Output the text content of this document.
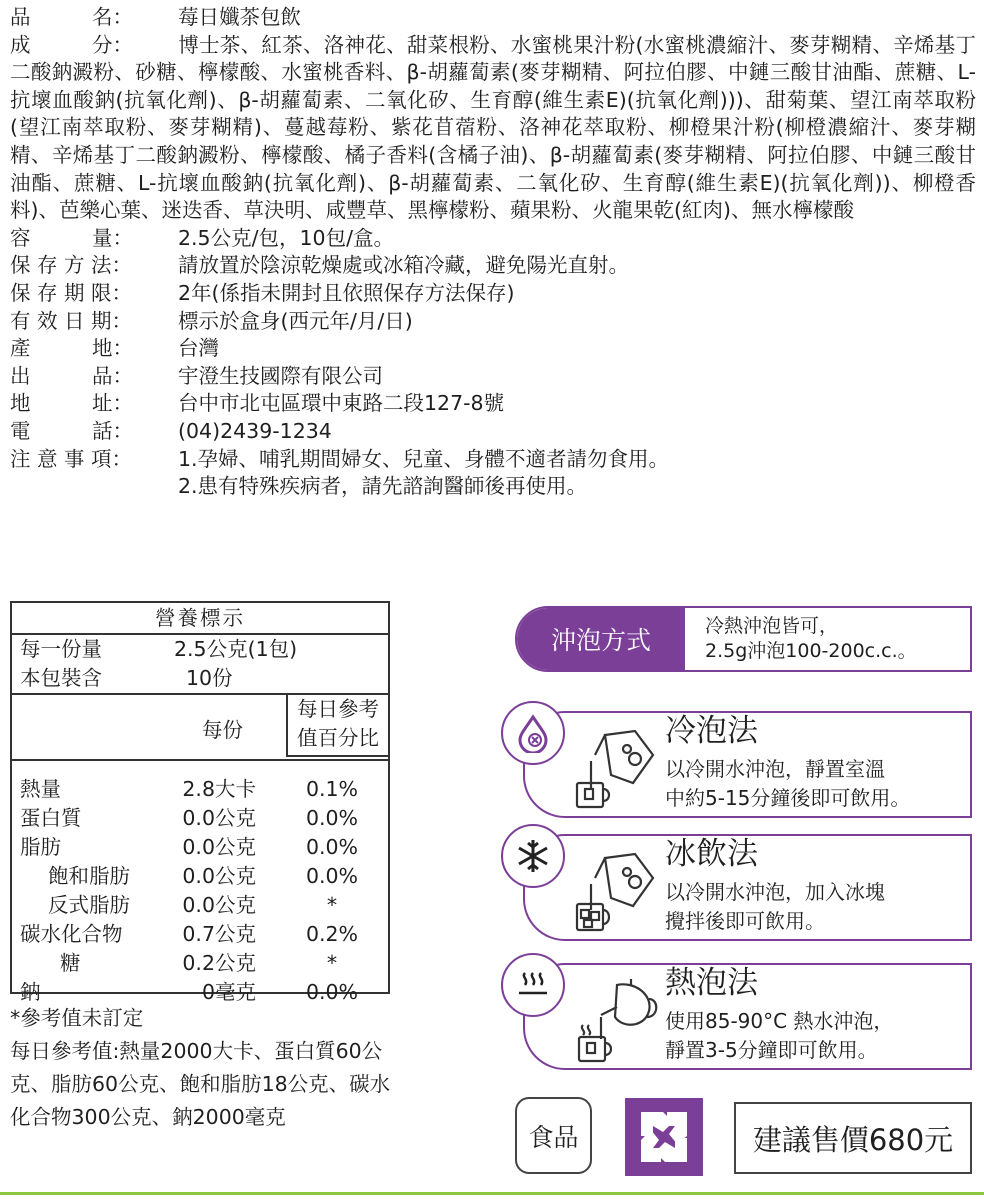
品　　　名：	莓日孅茶包飲

成　　　分： 博士茶、紅茶、洛神花、甜菜根粉、水蜜桃果汁粉(水蜜桃濃縮汁、麥芽糊精、辛烯基丁二酸鈉澱粉、砂糖、檸檬酸、水蜜桃香料、β-胡蘿蔔素(麥芽糊精、阿拉伯膠、中鏈三酸甘油酯、蔗糖、L-抗壞血酸鈉(抗氧化劑)、β-胡蘿蔔素、二氧化矽、生育醇(維生素E)(抗氧化劑)))、甜菊葉、望江南萃取粉(望江南萃取粉、麥芽糊精)、蔓越莓粉、紫花苜蓿粉、洛神花萃取粉、柳橙果汁粉(柳橙濃縮汁、麥芽糊精、辛烯基丁二酸鈉澱粉、檸檬酸、橘子香料(含橘子油)、β-胡蘿蔔素(麥芽糊精、阿拉伯膠、中鏈三酸甘油酯、蔗糖、L-抗壞血酸鈉(抗氧化劑)、β-胡蘿蔔素、二氧化矽、生育醇(維生素E)(抗氧化劑))、柳橙香料)、芭樂心葉、迷迭香、草決明、咸豐草、黑檸檬粉、蘋果粉、火龍果乾(紅肉)、無水檸檬酸

容　　　量：	2.5公克/包，10包/盒。
保 存 方 法：	請放置於陰涼乾燥處或冰箱冷藏，避免陽光直射。
保 存 期 限：	2年(係指未開封且依照保存方法保存)
有 效 日 期：	標示於盒身(西元年/月/日)
產　　　地：	台灣
出　　　品：	宇澄生技國際有限公司
地　　　址：	台中市北屯區環中東路二段127-8號
電　　　話：	(04)2439-1234
注 意 事 項：	1.孕婦、哺乳期間婦女、兒童、身體不適者請勿食用。
2.患有特殊疾病者，請先諮詢醫師後再使用。
營養標示
每一份量	2.5公克(1包)
本包裝含	10份
每份
每日參考
值百分比
熱量	2.8大卡	0.1%
蛋白質	0.0公克	0.0%
脂肪	0.0公克	0.0%
飽和脂肪	0.0公克	0.0%
反式脂肪	0.0公克	*
碳水化合物	0.7公克	0.2%
糖	0.2公克	*
鈉	0毫克	0.0%

*參考值未訂定

每日參考值:熱量2000大卡、蛋白質60公克、脂肪60公克、飽和脂肪18公克、碳水化合物300公克、鈉2000毫克

沖泡方式	冷熱沖泡皆可，
2.5g沖泡100-200c.c.。
冷泡法
以冷開水沖泡，靜置室溫
中約5-15分鐘後即可飲用。
冰飲法
以冷開水沖泡，加入冰塊
攪拌後即可飲用。
熱泡法
使用85-90°C 熱水沖泡，
靜置3-5分鐘即可飲用。
食品	建議售價680元
